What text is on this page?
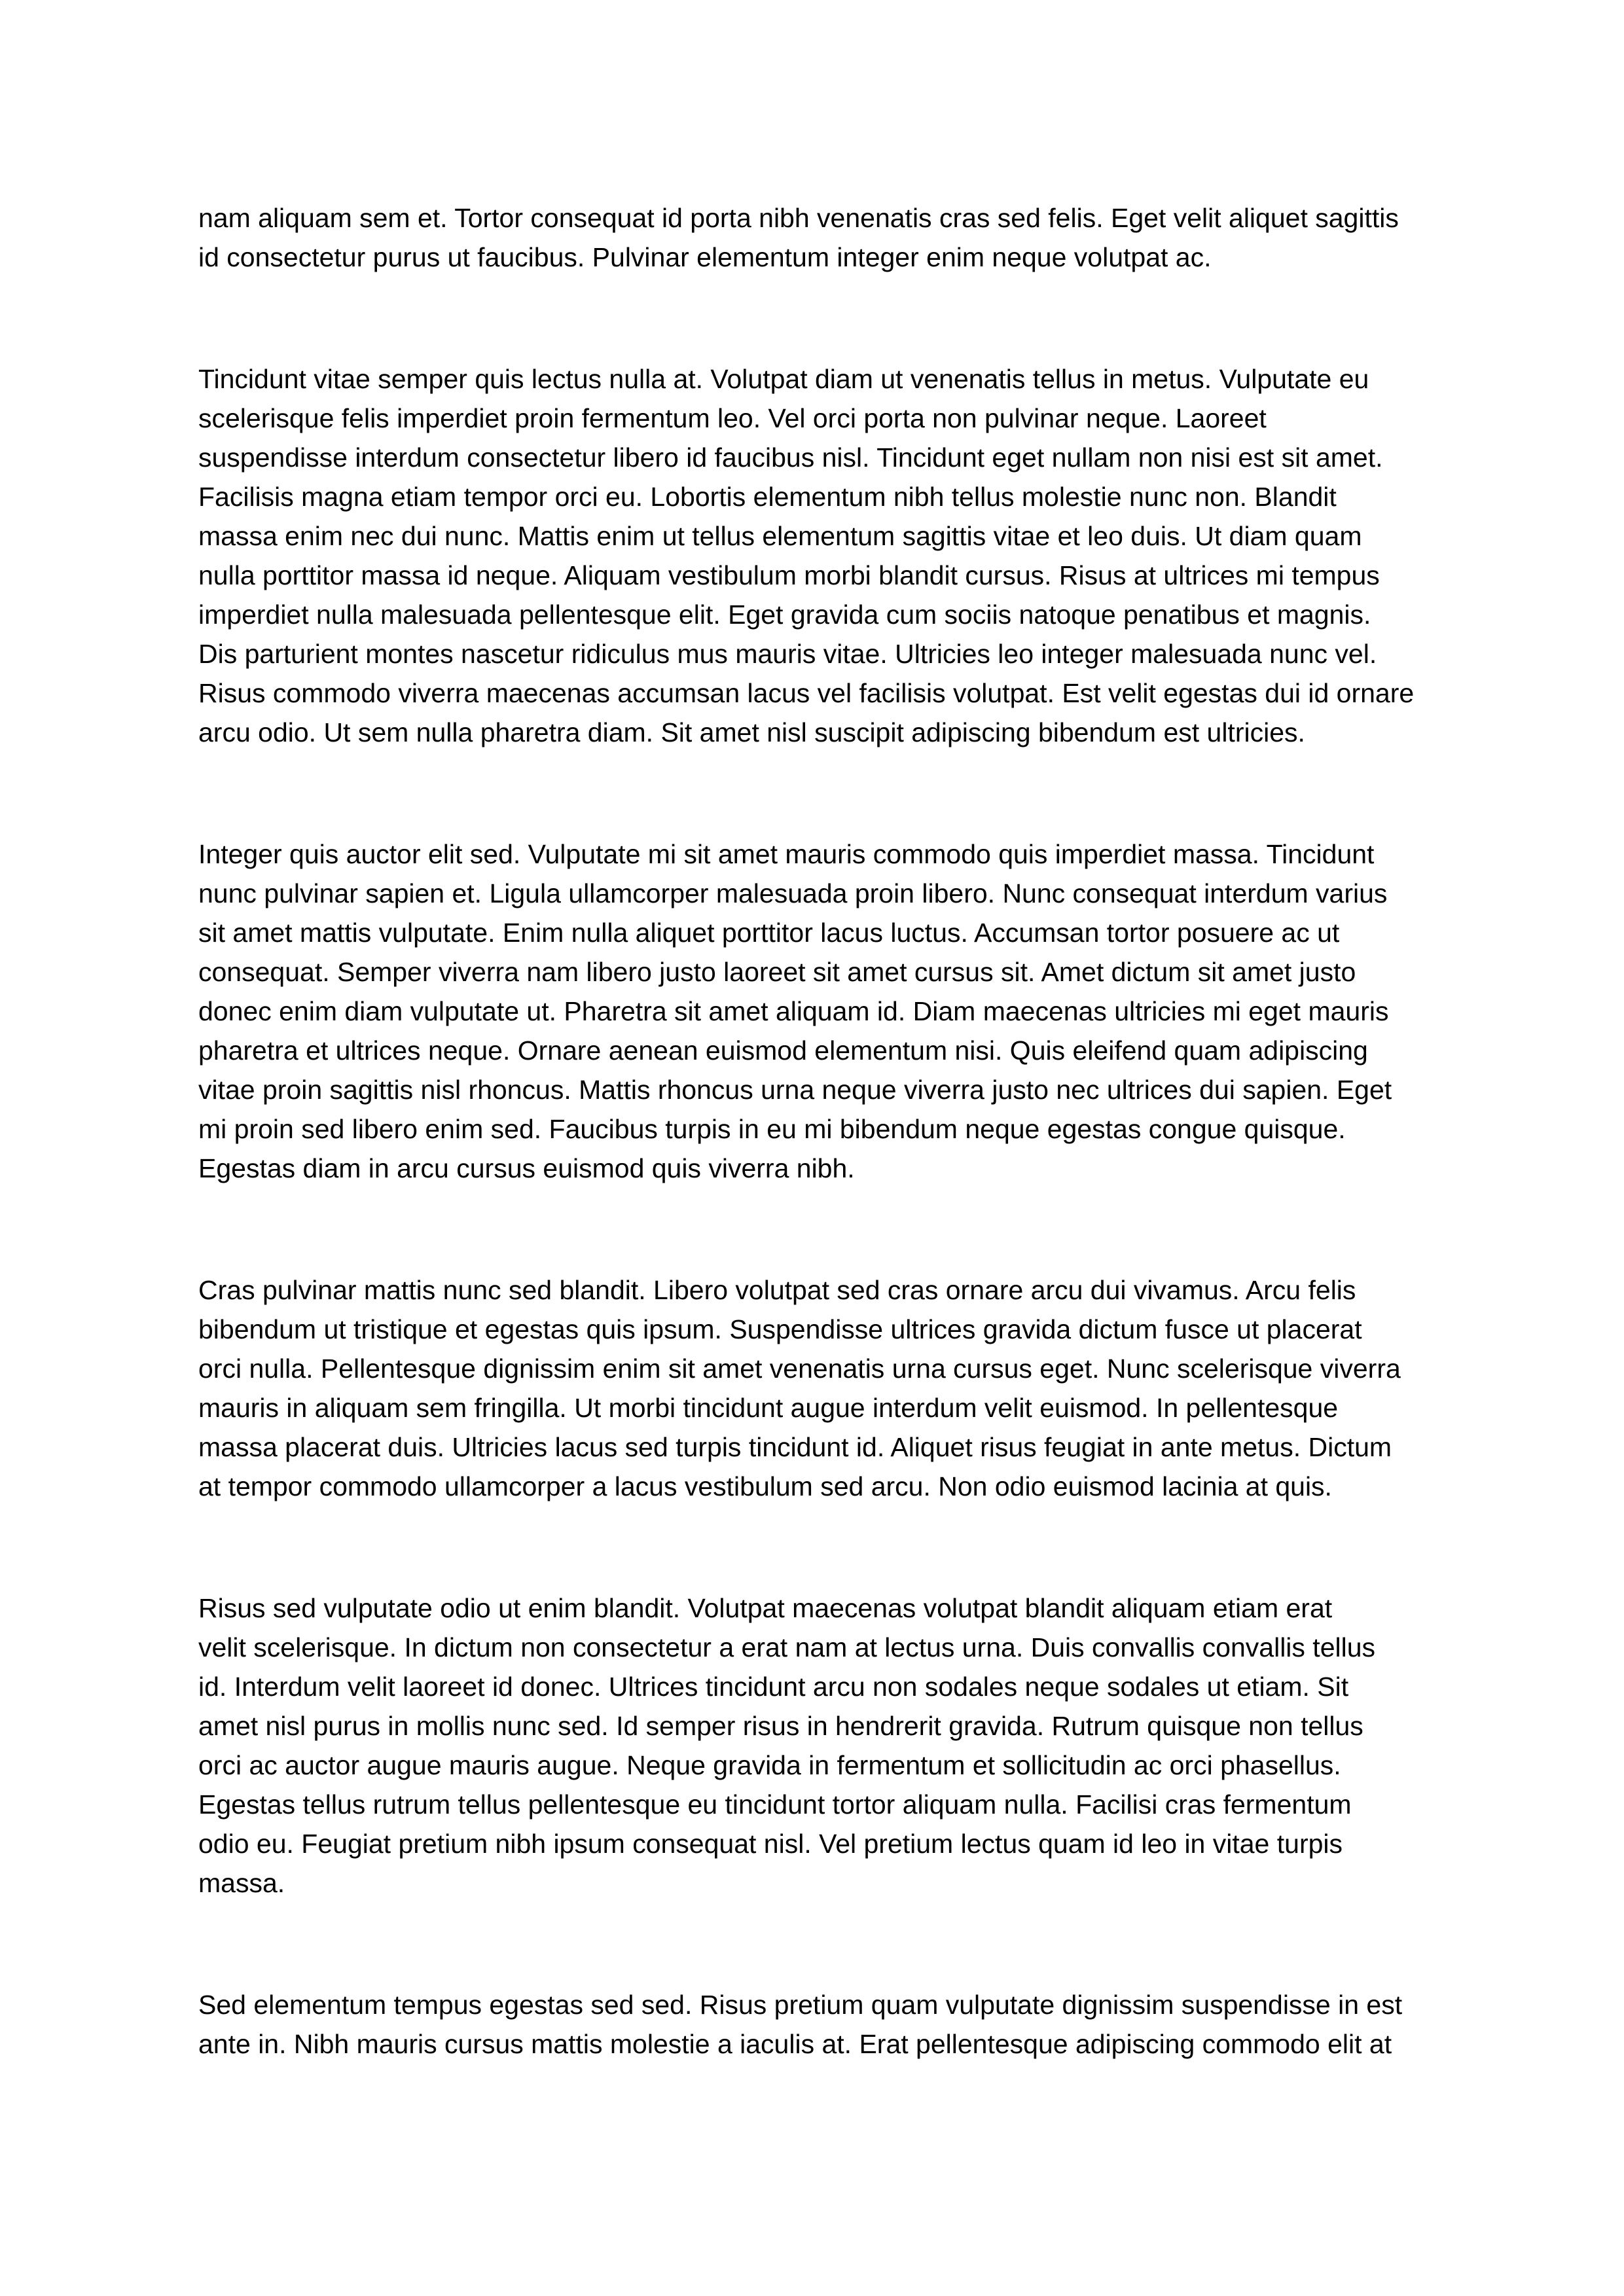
nam aliquam sem et. Tortor consequat id porta nibh venenatis cras sed felis. Eget velit aliquet sagittis
id consectetur purus ut faucibus. Pulvinar elementum integer enim neque volutpat ac.

Tincidunt vitae semper quis lectus nulla at. Volutpat diam ut venenatis tellus in metus. Vulputate eu
scelerisque felis imperdiet proin fermentum leo. Vel orci porta non pulvinar neque. Laoreet
suspendisse interdum consectetur libero id faucibus nisl. Tincidunt eget nullam non nisi est sit amet.
Facilisis magna etiam tempor orci eu. Lobortis elementum nibh tellus molestie nunc non. Blandit
massa enim nec dui nunc. Mattis enim ut tellus elementum sagittis vitae et leo duis. Ut diam quam
nulla porttitor massa id neque. Aliquam vestibulum morbi blandit cursus. Risus at ultrices mi tempus
imperdiet nulla malesuada pellentesque elit. Eget gravida cum sociis natoque penatibus et magnis.
Dis parturient montes nascetur ridiculus mus mauris vitae. Ultricies leo integer malesuada nunc vel.
Risus commodo viverra maecenas accumsan lacus vel facilisis volutpat. Est velit egestas dui id ornare
arcu odio. Ut sem nulla pharetra diam. Sit amet nisl suscipit adipiscing bibendum est ultricies.

Integer quis auctor elit sed. Vulputate mi sit amet mauris commodo quis imperdiet massa. Tincidunt
nunc pulvinar sapien et. Ligula ullamcorper malesuada proin libero. Nunc consequat interdum varius
sit amet mattis vulputate. Enim nulla aliquet porttitor lacus luctus. Accumsan tortor posuere ac ut
consequat. Semper viverra nam libero justo laoreet sit amet cursus sit. Amet dictum sit amet justo
donec enim diam vulputate ut. Pharetra sit amet aliquam id. Diam maecenas ultricies mi eget mauris
pharetra et ultrices neque. Ornare aenean euismod elementum nisi. Quis eleifend quam adipiscing
vitae proin sagittis nisl rhoncus. Mattis rhoncus urna neque viverra justo nec ultrices dui sapien. Eget
mi proin sed libero enim sed. Faucibus turpis in eu mi bibendum neque egestas congue quisque.
Egestas diam in arcu cursus euismod quis viverra nibh.

Cras pulvinar mattis nunc sed blandit. Libero volutpat sed cras ornare arcu dui vivamus. Arcu felis
bibendum ut tristique et egestas quis ipsum. Suspendisse ultrices gravida dictum fusce ut placerat
orci nulla. Pellentesque dignissim enim sit amet venenatis urna cursus eget. Nunc scelerisque viverra
mauris in aliquam sem fringilla. Ut morbi tincidunt augue interdum velit euismod. In pellentesque
massa placerat duis. Ultricies lacus sed turpis tincidunt id. Aliquet risus feugiat in ante metus. Dictum
at tempor commodo ullamcorper a lacus vestibulum sed arcu. Non odio euismod lacinia at quis.

Risus sed vulputate odio ut enim blandit. Volutpat maecenas volutpat blandit aliquam etiam erat
velit scelerisque. In dictum non consectetur a erat nam at lectus urna. Duis convallis convallis tellus
id. Interdum velit laoreet id donec. Ultrices tincidunt arcu non sodales neque sodales ut etiam. Sit
amet nisl purus in mollis nunc sed. Id semper risus in hendrerit gravida. Rutrum quisque non tellus
orci ac auctor augue mauris augue. Neque gravida in fermentum et sollicitudin ac orci phasellus.
Egestas tellus rutrum tellus pellentesque eu tincidunt tortor aliquam nulla. Facilisi cras fermentum
odio eu. Feugiat pretium nibh ipsum consequat nisl. Vel pretium lectus quam id leo in vitae turpis
massa.

Sed elementum tempus egestas sed sed. Risus pretium quam vulputate dignissim suspendisse in est
ante in. Nibh mauris cursus mattis molestie a iaculis at. Erat pellentesque adipiscing commodo elit at
